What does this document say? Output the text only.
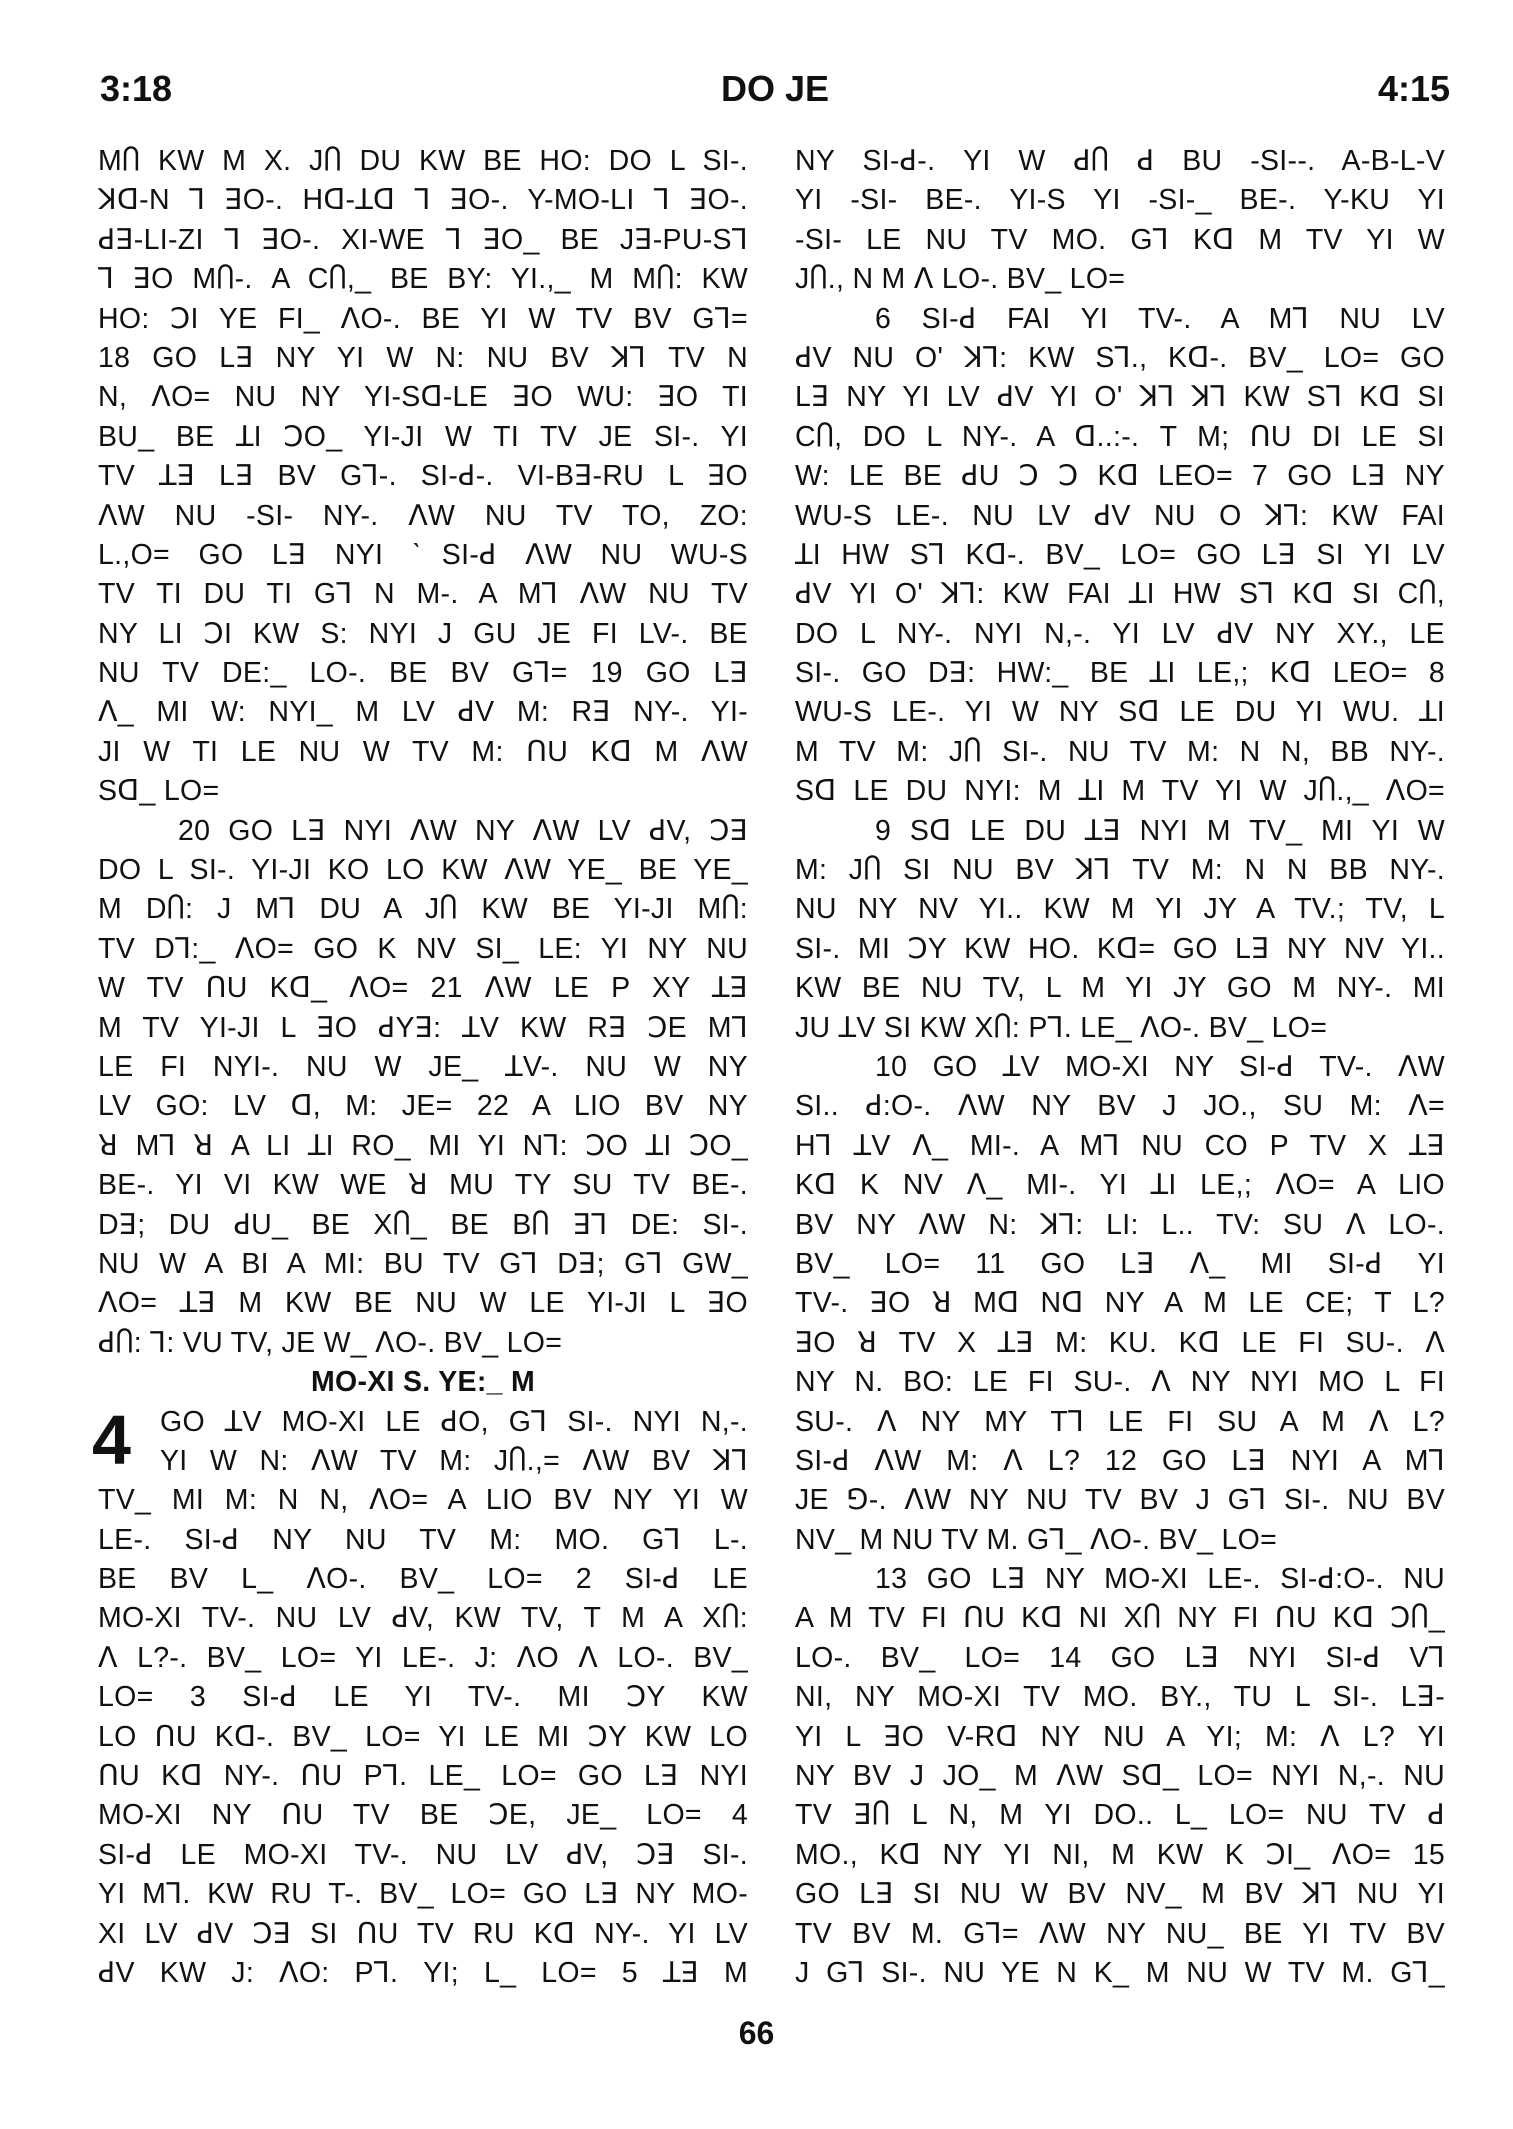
3:18	DO JE	4:15
MႶ KW M X. JႶ DU KW BE HO: DO L SI-.
ꓘᗡ-N ꓶ ꓱO-. Hᗡ-ꓕᗡ ꓶ ꓱO-. Y-MO-LI ꓶ ꓱO-.
ꓒꓱ-LI-ZI ꓶ ꓱO-. XI-WE ꓶ ꓱO_ BE Jꓱ-PU-Sꓶ
ꓶ ꓱO MႶ-. A CႶ,_ BE BY: YI.,_ M MႶ: KW
HO: ꓛI YE FI_ ꓥO-. BE YI W TV BV Gꓶ=
18 GO Lꓱ NY YI W N: NU BV ꓘꓶ TV N
N, ꓥO= NU NY YI-Sᗡ-LE ꓱO WU: ꓱO TI
BU_ BE ꓕI ꓛO_ YI-JI W TI TV JE SI-. YI
TV ꓕꓱ Lꓱ BV Gꓶ-. SI-ꓒ-. VI-Bꓱ-RU L ꓱO
ꓥW NU -SI- NY-. ꓥW NU TV TO, ZO:
L.,O= GO Lꓱ NYI ˋSI-ꓒ ꓥW NU WU-S
TV TI DU TI Gꓶ N M-. A Mꓶ ꓥW NU TV
NY LI ꓛI KW S: NYI J GU JE FI LV-. BE
NU TV DE:_ LO-. BE BV Gꓶ= 19 GO Lꓱ
ꓥ_ MI W: NYI_ M LV ꓒV M: Rꓱ NY-. YI-
JI W TI LE NU W TV M: ꓵU Kᗡ M ꓥW
Sᗡ_ LO=
20 GO Lꓱ NYI ꓥW NY ꓥW LV ꓒV, ꓛꓱ
DO L SI-. YI-JI KO LO KW ꓥW YE_ BE YE_
M DႶ: J Mꓶ DU A JႶ KW BE YI-JI MႶ:
TV Dꓶ:_ ꓥO= GO K NV SI_ LE: YI NY NU
W TV ꓵU Kᗡ_ ꓥO= 21 ꓥW LE P XY ꓕꓱ
M TV YI-JI L ꓱO ꓒYꓱ: ꓕV KW Rꓱ ꓛE Mꓶ
LE FI NYI-. NU W JE_ ꓕV-. NU W NY
LV GO: LV ᗡ, M: JE= 22 A LIO BV NY
ꓤ Mꓶ ꓤ A LI ꓕI RO_ MI YI Nꓶ: ꓛO ꓕI ꓛO_
BE-. YI VI KW WE ꓤ MU TY SU TV BE-.
Dꓱ; DU ꓒU_ BE XႶ_ BE BႶ ꓱꓶ DE: SI-.
NU W A BI A MI: BU TV Gꓶ Dꓱ; Gꓶ GW_
ꓥO= ꓕꓱ M KW BE NU W LE YI-JI L ꓱO
ꓒႶ: ꓶ: VU TV, JE W_ ꓥO-. BV_ LO=
MO-XI S. YE:_ M
4	GO ꓕV MO-XI LE ꓒO, Gꓶ SI-. NYI N,-.
YI W N: ꓥW TV M: JႶ.,= ꓥW BV ꓘꓶ
TV_ MI M: N N, ꓥO= A LIO BV NY YI W
LE-. SI-ꓒ NY NU TV M: MO. Gꓶ L-.
BE BV L_ ꓥO-. BV_ LO= 2 SI-ꓒ LE
MO-XI TV-. NU LV ꓒV, KW TV, T M A XႶ:
ꓥ L?-. BV_ LO= YI LE-. J: ꓥO ꓥ LO-. BV_
LO= 3 SI-ꓒ LE YI TV-. MI ꓛY KW
LO ꓵU Kᗡ-. BV_ LO= YI LE MI ꓛY KW LO
ꓵU Kᗡ NY-. ꓵU Pꓶ. LE_ LO= GO Lꓱ NYI
MO-XI NY ꓵU TV BE ꓛE, JE_ LO= 4
SI-ꓒ LE MO-XI TV-. NU LV ꓒV, ꓛꓱ SI-.
YI Mꓶ. KW RU T-. BV_ LO= GO Lꓱ NY MO-
XI LV ꓒV ꓛꓱ SI ꓵU TV RU Kᗡ NY-. YI LV
ꓒV KW J: ꓥO: Pꓶ. YI; L_ LO= 5 ꓕꓱ M
NY SI-ꓒ-. YI W ꓒႶ ꓒ BU -SI--. A-B-L-V
YI -SI- BE-. YI-S YI -SI-_ BE-. Y-KU YI
-SI- LE NU TV MO. Gꓶ Kᗡ M TV YI W
JႶ., N M ꓥ LO-. BV_ LO=
6 SI-ꓒ FAI YI TV-. A Mꓶ NU LV
ꓒV NU O' ꓘꓶ: KW Sꓶ., Kᗡ-. BV_ LO= GO
Lꓱ NY YI LV ꓒV YI O' ꓘꓶ ꓘꓶ KW Sꓶ Kᗡ SI
CႶ, DO L NY-. A ᗡ..:-. T M; ꓵU DI LE SI
W: LE BE ꓒU ꓛ ꓛ Kᗡ LEO= 7 GO Lꓱ NY
WU-S LE-. NU LV ꓒV NU O ꓘꓶ: KW FAI
ꓕI HW Sꓶ Kᗡ-. BV_ LO= GO Lꓱ SI YI LV
ꓒV YI O' ꓘꓶ: KW FAI ꓕI HW Sꓶ Kᗡ SI CႶ,
DO L NY-. NYI N,-. YI LV ꓒV NY XY., LE
SI-. GO Dꓱ: HW:_ BE ꓕI LE,; Kᗡ LEO= 8
WU-S LE-. YI W NY Sᗡ LE DU YI WU. ꓕI
M TV M: JႶ SI-. NU TV M: N N, BB NY-.
Sᗡ LE DU NYI: M ꓕI M TV YI W JႶ.,_ ꓥO=
9 Sᗡ LE DU ꓕꓱ NYI M TV_ MI YI W
M: JႶ SI NU BV ꓘꓶ TV M: N N BB NY-.
NU NY NV YI.. KW M YI JY A TV.; TV, L
SI-. MI ꓛY KW HO. Kᗡ= GO Lꓱ NY NV YI..
KW BE NU TV, L M YI JY GO M NY-. MI
JU ꓕV SI KW XႶ: Pꓶ. LE_ ꓥO-. BV_ LO=
10 GO ꓕV MO-XI NY SI-ꓒ TV-. ꓥW
SI.. ꓒ:O-. ꓥW NY BV J JO., SU M: ꓥ=
Hꓶ ꓕV ꓥ_ MI-. A Mꓶ NU CO P TV X ꓕꓱ
Kᗡ K NV ꓥ_ MI-. YI ꓕI LE,; ꓥO= A LIO
BV NY ꓥW N: ꓘꓶ: LI: L.. TV: SU ꓥ LO-.
BV_ LO= 11 GO Lꓱ ꓥ_ MI SI-ꓒ YI
TV-. ꓱO ꓤ Mᗡ Nᗡ NY A M LE CE; T L?
ꓱO ꓤ TV X ꓕꓱ M: KU. Kᗡ LE FI SU-. ꓥ
NY N. BO: LE FI SU-. ꓥ NY NYI MO L FI
SU-. ꓥ NY MY Tꓶ LE FI SU A M ꓥ L?
SI-ꓒ ꓥW M: ꓥ L? 12 GO Lꓱ NYI A Mꓶ
JE ꓨ-. ꓥW NY NU TV BV J Gꓶ SI-. NU BV
NV_ M NU TV M. Gꓶ_ ꓥO-. BV_ LO=
13 GO Lꓱ NY MO-XI LE-. SI-ꓒ:O-. NU
A M TV FI ꓵU Kᗡ NI XႶ NY FI ꓵU Kᗡ ꓛႶ_
LO-. BV_ LO= 14 GO Lꓱ NYI SI-ꓒ Vꓶ
NI, NY MO-XI TV MO. BY., TU L SI-. Lꓱ-
YI L ꓱO V-Rᗡ NY NU A YI; M: ꓥ L? YI
NY BV J JO_ M ꓥW Sᗡ_ LO= NYI N,-. NU
TV ꓱႶ L N, M YI DO.. L_ LO= NU TV ꓒ
MO., Kᗡ NY YI NI, M KW K ꓛI_ ꓥO= 15
GO Lꓱ SI NU W BV NV_ M BV ꓘꓶ NU YI
TV BV M. Gꓶ= ꓥW NY NU_ BE YI TV BV
J Gꓶ SI-. NU YE N K_ M NU W TV M. Gꓶ_
66
